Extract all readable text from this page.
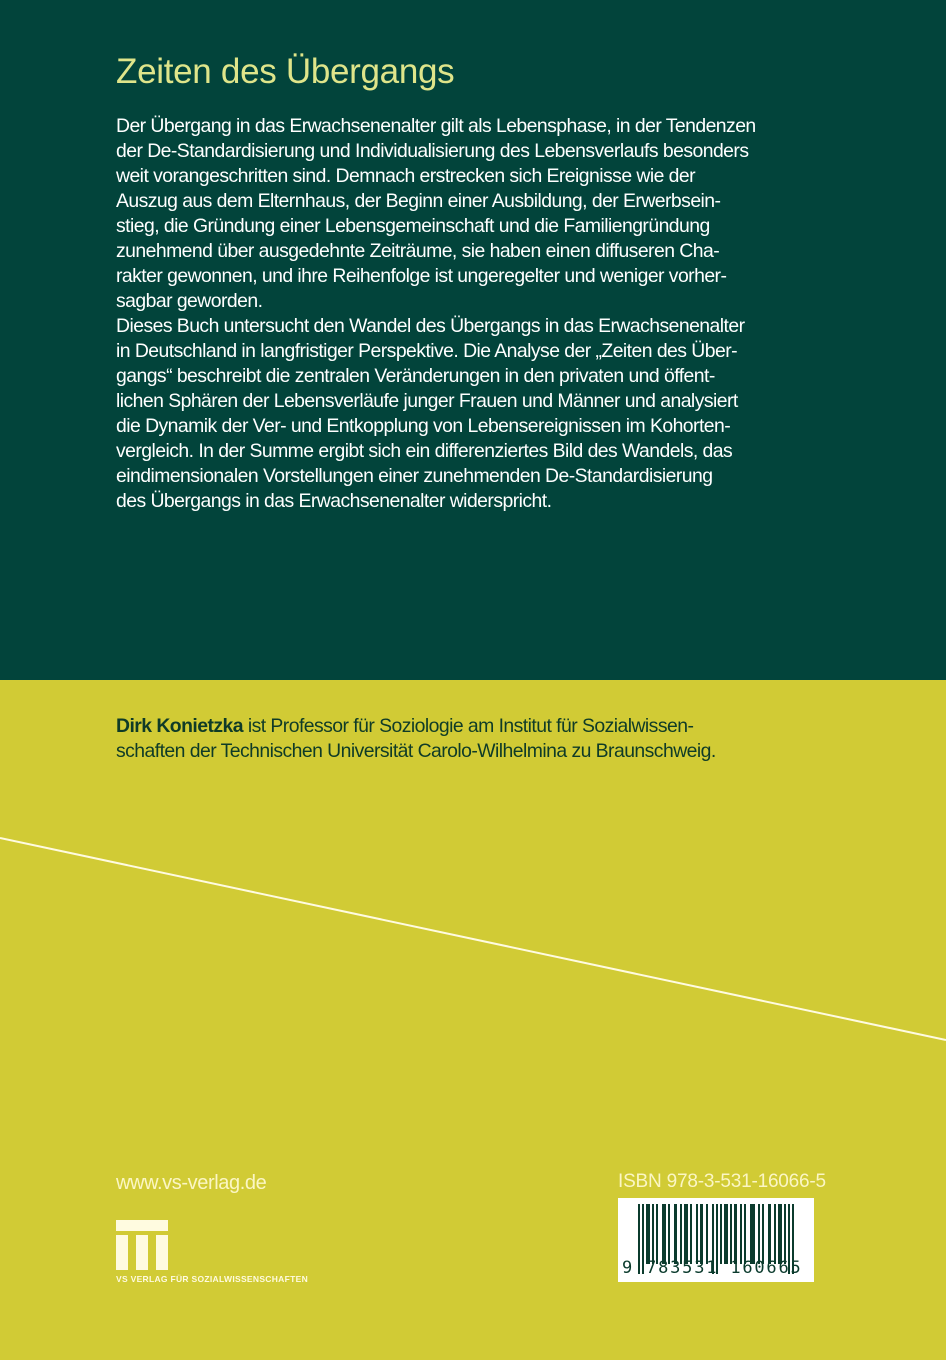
Zeiten des Übergangs
Der Übergang in das Erwachsenenalter gilt als Lebensphase, in der Tendenzen
der De-Standardisierung und Individualisierung des Lebensverlaufs besonders
weit vorangeschritten sind. Demnach erstrecken sich Ereignisse wie der
Auszug aus dem Elternhaus, der Beginn einer Ausbildung, der Erwerbsein-
stieg, die Gründung einer Lebensgemeinschaft und die Familiengründung
zunehmend über ausgedehnte Zeiträume, sie haben einen diffuseren Cha-
rakter gewonnen, und ihre Reihenfolge ist ungeregelter und weniger vorher-
sagbar geworden.
Dieses Buch untersucht den Wandel des Übergangs in das Erwachsenenalter
in Deutschland in langfristiger Perspektive. Die Analyse der „Zeiten des Über-
gangs“ beschreibt die zentralen Veränderungen in den privaten und öffent-
lichen Sphären der Lebensverläufe junger Frauen und Männer und analysiert
die Dynamik der Ver- und Entkopplung von Lebensereignissen im Kohorten-
vergleich. In der Summe ergibt sich ein differenziertes Bild des Wandels, das
eindimensionalen Vorstellungen einer zunehmenden De-Standardisierung
des Übergangs in das Erwachsenenalter widerspricht.
Dirk Konietzka ist Professor für Soziologie am Institut für Sozialwissen-
schaften der Technischen Universität Carolo-Wilhelmina zu Braunschweig.
www.vs-verlag.de
VS VERLAG FÜR SOZIALWISSENSCHAFTEN
ISBN 978-3-531-16066-5
9 783531 160665
